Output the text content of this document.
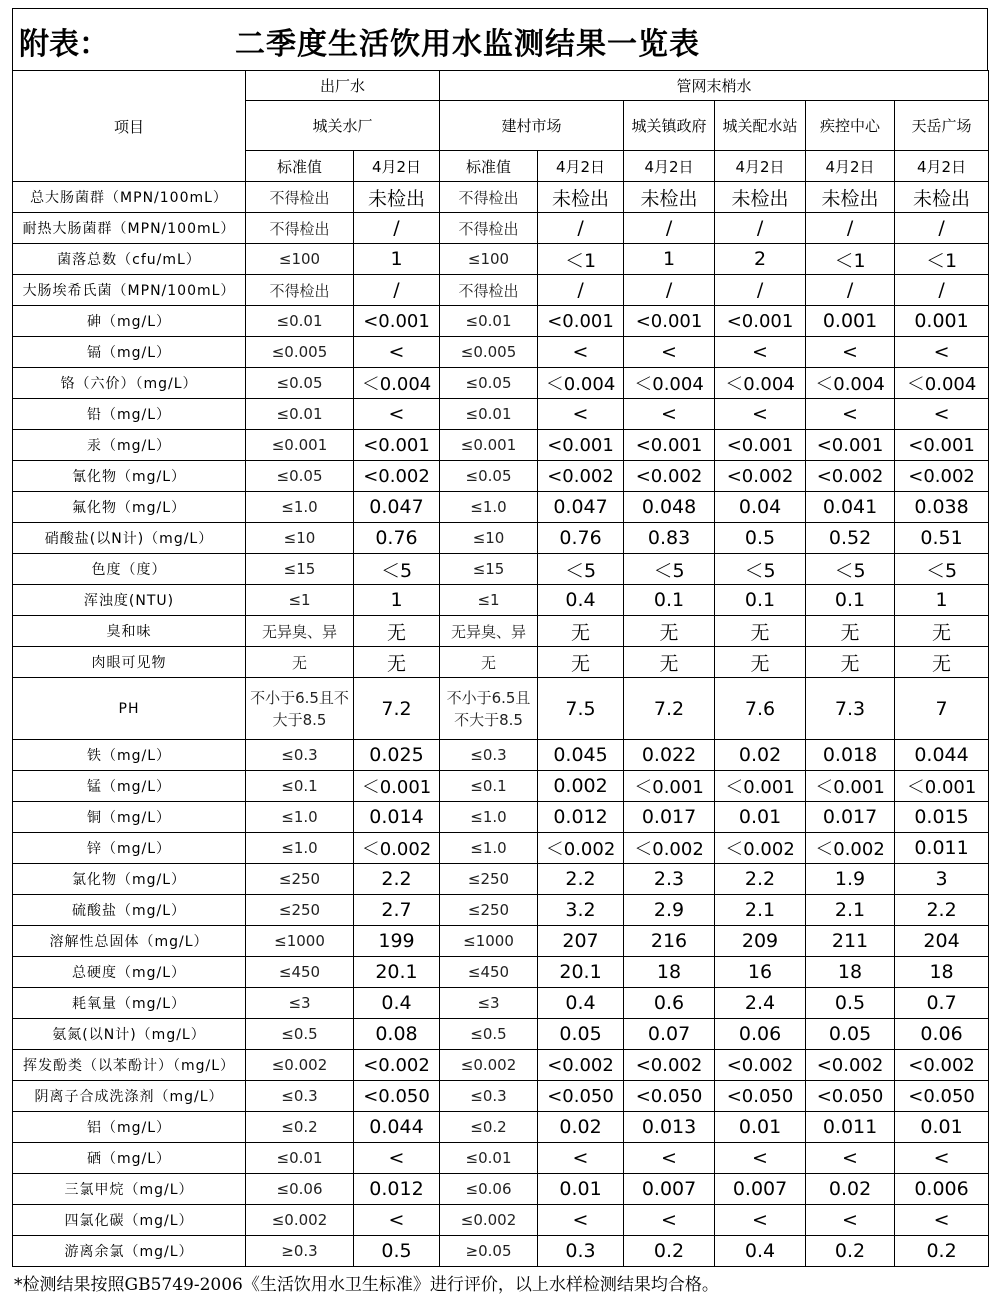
附表：	二季度生活饮用水监测结果一览表
项目	出厂水		管网末梢水					
	城关水厂		建村市场		城关镇政府	城关配水站	疾控中心	天岳广场
	标准值	4月2日	标准值	4月2日	4月2日	4月2日	4月2日	4月2日
总大肠菌群（MPN/100mL）	不得检出	未检出	不得检出	未检出	未检出	未检出	未检出	未检出
耐热大肠菌群（MPN/100mL）	不得检出	/	不得检出	/	/	/	/	/
菌落总数（cfu/mL）	≤100	1	≤100	＜1	1	2	＜1	＜1
大肠埃希氏菌（MPN/100mL）	不得检出	/	不得检出	/	/	/	/	/
砷（mg/L）	≤0.01	<0.001	≤0.01	<0.001	<0.001	<0.001	0.001	0.001
镉（mg/L）	≤0.005	<	≤0.005	<	<	<	<	<
铬（六价）（mg/L）	≤0.05	＜0.004	≤0.05	＜0.004	＜0.004	＜0.004	＜0.004	＜0.004
铅（mg/L）	≤0.01	<	≤0.01	<	<	<	<	<
汞（mg/L）	≤0.001	<0.001	≤0.001	<0.001	<0.001	<0.001	<0.001	<0.001
氰化物（mg/L）	≤0.05	<0.002	≤0.05	<0.002	<0.002	<0.002	<0.002	<0.002
氟化物（mg/L）	≤1.0	0.047	≤1.0	0.047	0.048	0.04	0.041	0.038
硝酸盐(以N计)（mg/L）	≤10	0.76	≤10	0.76	0.83	0.5	0.52	0.51
色度（度）	≤15	＜5	≤15	＜5	＜5	＜5	＜5	＜5
浑浊度(NTU)	≤1	1	≤1	0.4	0.1	0.1	0.1	1
臭和味	无异臭、异	无	无异臭、异	无	无	无	无	无
肉眼可见物	无	无	无	无	无	无	无	无
PH	不小于6.5且不大于8.5	7.2	不小于6.5且不大于8.5	7.5	7.2	7.6	7.3	7
铁（mg/L）	≤0.3	0.025	≤0.3	0.045	0.022	0.02	0.018	0.044
锰（mg/L）	≤0.1	＜0.001	≤0.1	0.002	＜0.001	＜0.001	＜0.001	＜0.001
铜（mg/L）	≤1.0	0.014	≤1.0	0.012	0.017	0.01	0.017	0.015
锌（mg/L）	≤1.0	＜0.002	≤1.0	＜0.002	＜0.002	＜0.002	＜0.002	0.011
氯化物（mg/L）	≤250	2.2	≤250	2.2	2.3	2.2	1.9	3
硫酸盐（mg/L）	≤250	2.7	≤250	3.2	2.9	2.1	2.1	2.2
溶解性总固体（mg/L）	≤1000	199	≤1000	207	216	209	211	204
总硬度（mg/L）	≤450	20.1	≤450	20.1	18	16	18	18
耗氧量（mg/L）	≤3	0.4	≤3	0.4	0.6	2.4	0.5	0.7
氨氮(以N计)（mg/L）	≤0.5	0.08	≤0.5	0.05	0.07	0.06	0.05	0.06
挥发酚类（以苯酚计）（mg/L）	≤0.002	<0.002	≤0.002	<0.002	<0.002	<0.002	<0.002	<0.002
阴离子合成洗涤剂（mg/L）	≤0.3	<0.050	≤0.3	<0.050	<0.050	<0.050	<0.050	<0.050
铝（mg/L）	≤0.2	0.044	≤0.2	0.02	0.013	0.01	0.011	0.01
硒（mg/L）	≤0.01	<	≤0.01	<	<	<	<	<
三氯甲烷（mg/L）	≤0.06	0.012	≤0.06	0.01	0.007	0.007	0.02	0.006
四氯化碳（mg/L）	≤0.002	<	≤0.002	<	<	<	<	<
游离余氯（mg/L）	≥0.3	0.5	≥0.05	0.3	0.2	0.4	0.2	0.2
*检测结果按照GB5749-2006《生活饮用水卫生标准》进行评价，以上水样检测结果均合格。
